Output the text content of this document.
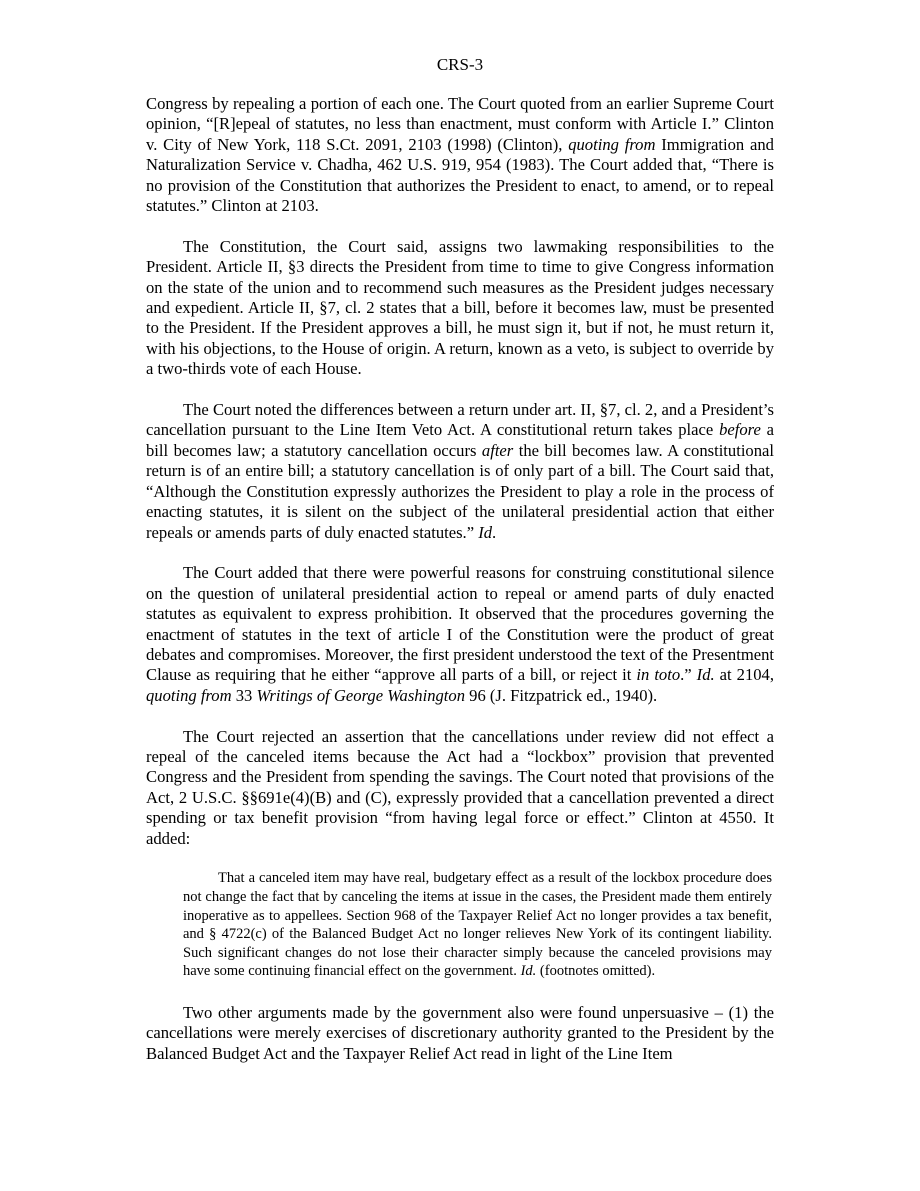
CRS-3

Congress by repealing a portion of each one. The Court quoted from an earlier Supreme Court opinion, “[R]epeal of statutes, no less than enactment, must conform with Article I.” Clinton v. City of New York, 118 S.Ct. 2091, 2103 (1998) (Clinton), quoting from Immigration and Naturalization Service v. Chadha, 462 U.S. 919, 954 (1983). The Court added that, “There is no provision of the Constitution that authorizes the President to enact, to amend, or to repeal statutes.” Clinton at 2103.

The Constitution, the Court said, assigns two lawmaking responsibilities to the President. Article II, §3 directs the President from time to time to give Congress information on the state of the union and to recommend such measures as the President judges necessary and expedient. Article II, §7, cl. 2 states that a bill, before it becomes law, must be presented to the President. If the President approves a bill, he must sign it, but if not, he must return it, with his objections, to the House of origin. A return, known as a veto, is subject to override by a two-thirds vote of each House.

The Court noted the differences between a return under art. II, §7, cl. 2, and a President’s cancellation pursuant to the Line Item Veto Act. A constitutional return takes place before a bill becomes law; a statutory cancellation occurs after the bill becomes law. A constitutional return is of an entire bill; a statutory cancellation is of only part of a bill. The Court said that, “Although the Constitution expressly authorizes the President to play a role in the process of enacting statutes, it is silent on the subject of the unilateral presidential action that either repeals or amends parts of duly enacted statutes.” Id.

The Court added that there were powerful reasons for construing constitutional silence on the question of unilateral presidential action to repeal or amend parts of duly enacted statutes as equivalent to express prohibition. It observed that the procedures governing the enactment of statutes in the text of article I of the Constitution were the product of great debates and compromises. Moreover, the first president understood the text of the Presentment Clause as requiring that he either “approve all parts of a bill, or reject it in toto.” Id. at 2104, quoting from 33 Writings of George Washington 96 (J. Fitzpatrick ed., 1940).

The Court rejected an assertion that the cancellations under review did not effect a repeal of the canceled items because the Act had a “lockbox” provision that prevented Congress and the President from spending the savings. The Court noted that provisions of the Act, 2 U.S.C. §§691e(4)(B) and (C), expressly provided that a cancellation prevented a direct spending or tax benefit provision “from having legal force or effect.” Clinton at 4550. It added:

That a canceled item may have real, budgetary effect as a result of the lockbox procedure does not change the fact that by canceling the items at issue in the cases, the President made them entirely inoperative as to appellees. Section 968 of the Taxpayer Relief Act no longer provides a tax benefit, and § 4722(c) of the Balanced Budget Act no longer relieves New York of its contingent liability. Such significant changes do not lose their character simply because the canceled provisions may have some continuing financial effect on the government. Id. (footnotes omitted).

Two other arguments made by the government also were found unpersuasive – (1) the cancellations were merely exercises of discretionary authority granted to the President by the Balanced Budget Act and the Taxpayer Relief Act read in light of the Line Item
